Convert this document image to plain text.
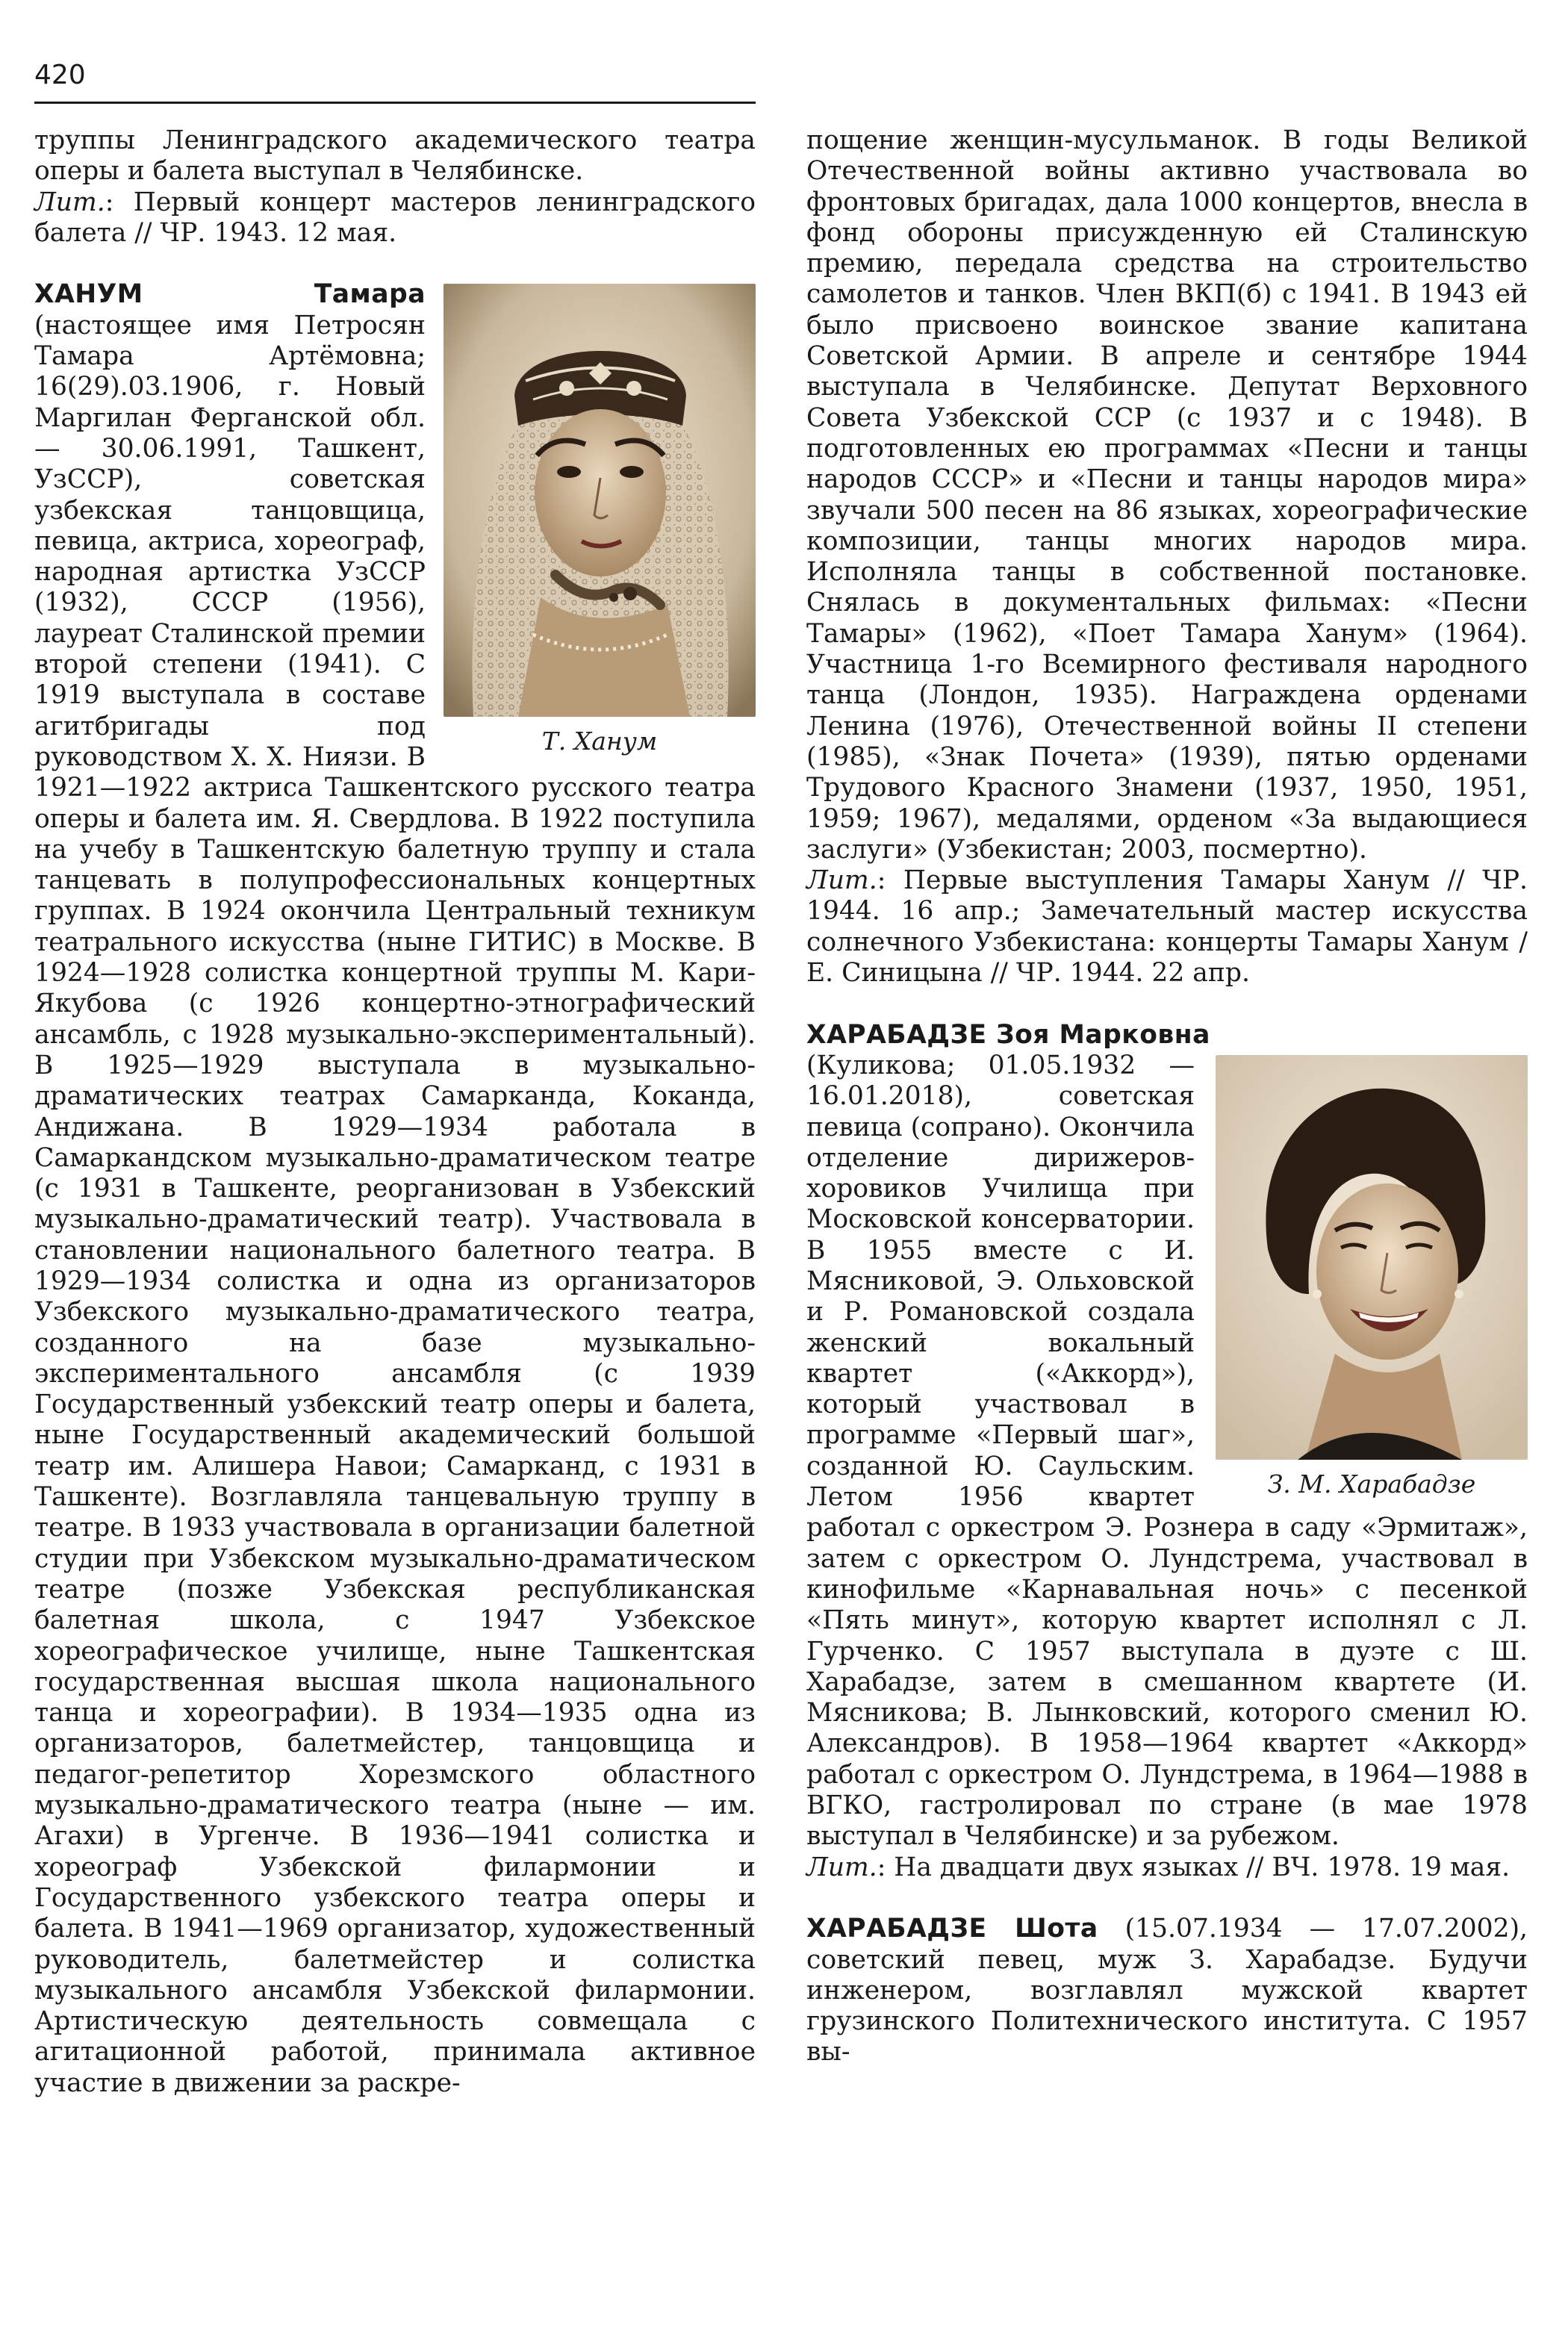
420

труппы Ленинградского академического театра оперы и балета выступал в Челябинске.

Лит.: Первый концерт мастеров ленинградского балета // ЧР. 1943. 12 мая.

Т. Ханум
ХАНУМ Тамара (настоящее имя Петросян Тамара Артёмовна; 16(29).03.1906, г. Новый Маргилан Ферганской обл. — 30.06.1991, Ташкент, УзССР), советская узбекская танцовщица, певица, актриса, хореограф, народная артистка УзССР (1932), СССР (1956), лауреат Сталинской премии второй степени (1941). С 1919 выступала в составе агитбригады под руководством Х. Х. Ниязи. В 1921—1922 актриса Ташкентского русского театра оперы и балета им. Я. Свердлова. В 1922 поступила на учебу в Ташкентскую балетную труппу и стала танцевать в полупрофессиональных концертных группах. В 1924 окончила Центральный техникум театрального искусства (ныне ГИТИС) в Москве. В 1924—1928 солистка концертной труппы М. Кари-Якубова (с 1926 концертно-этнографический ансамбль, с 1928 музыкально-экспериментальный). В 1925—1929 выступала в музыкально-драматических театрах Самарканда, Коканда, Андижана. В 1929—1934 работала в Самаркандском музыкально-драматическом театре (с 1931 в Ташкенте, реорганизован в Узбекский музыкально-драматический театр). Участвовала в становлении национального балетного театра. В 1929—1934 солистка и одна из организаторов Узбекского музыкально-драматического театра, созданного на базе музыкально-экспериментального ансамбля (с 1939 Государственный узбекский театр оперы и балета, ныне Государственный академический большой театр им. Алишера Навои; Самарканд, с 1931 в Ташкенте). Возглавляла танцевальную труппу в театре. В 1933 участвовала в организации балетной студии при Узбекском музыкально-драматическом театре (позже Узбекская республиканская балетная школа, с 1947 Узбекское хореографическое училище, ныне Ташкентская государственная высшая школа национального танца и хореографии). В 1934—1935 одна из организаторов, балетмейстер, танцовщица и педагог-репетитор Хорезмского областного музыкально-драматического театра (ныне — им. Агахи) в Ургенче. В 1936—1941 солистка и хореограф Узбекской филармонии и Государственного узбекского театра оперы и балета. В 1941—1969 организатор, художественный руководитель, балетмейстер и солистка музыкального ансамбля Узбекской филармонии. Артистическую деятельность совмещала с агитационной работой, принимала активное участие в движении за раскре-

пощение женщин-мусульманок. В годы Великой Отечественной войны активно участвовала во фронтовых бригадах, дала 1000 концертов, внесла в фонд обороны присужденную ей Сталинскую премию, передала средства на строительство самолетов и танков. Член ВКП(б) с 1941. В 1943 ей было присвоено воинское звание капитана Советской Армии. В апреле и сентябре 1944 выступала в Челябинске. Депутат Верховного Совета Узбекской ССР (с 1937 и с 1948). В подготовленных ею программах «Песни и танцы народов СССР» и «Песни и танцы народов мира» звучали 500 песен на 86 языках, хореографические композиции, танцы многих народов мира. Исполняла танцы в собственной постановке. Снялась в документальных фильмах: «Песни Тамары» (1962), «Поет Тамара Ханум» (1964). Участница 1-го Всемирного фестиваля народного танца (Лондон, 1935). Награждена орденами Ленина (1976), Отечественной войны II степени (1985), «Знак Почета» (1939), пятью орденами Трудового Красного Знамени (1937, 1950, 1951, 1959; 1967), медалями, орденом «За выдающиеся заслуги» (Узбекистан; 2003, посмертно).

Лит.: Первые выступления Тамары Ханум // ЧР. 1944. 16 апр.; Замечательный мастер искусства солнечного Узбекистана: концерты Тамары Ханум / Е. Синицына // ЧР. 1944. 22 апр.

ХАРАБАДЗЕ Зоя Марковна

З. М. Харабадзе
(Куликова; 01.05.1932 — 16.01.2018), советская певица (сопрано). Окончила отделение дирижеров-хоровиков Училища при Московской консерватории. В 1955 вместе с И. Мясниковой, Э. Ольховской и Р. Романовской создала женский вокальный квартет («Аккорд»), который участвовал в программе «Первый шаг», созданной Ю. Саульским. Летом 1956 квартет работал с оркестром Э. Рознера в саду «Эрмитаж», затем с оркестром О. Лундстрема, участвовал в кинофильме «Карнавальная ночь» с песенкой «Пять минут», которую квартет исполнял с Л. Гурченко. С 1957 выступала в дуэте с Ш. Харабадзе, затем в смешанном квартете (И. Мясникова; В. Лынковский, которого сменил Ю. Александров). В 1958—1964 квартет «Аккорд» работал с оркестром О. Лундстрема, в 1964—1988 в ВГКО, гастролировал по стране (в мае 1978 выступал в Челябинске) и за рубежом.

Лит.: На двадцати двух языках // ВЧ. 1978. 19 мая.

ХАРАБАДЗЕ Шота (15.07.1934 — 17.07.2002), советский певец, муж З. Харабадзе. Будучи инженером, возглавлял мужской квартет грузинского Политехнического института. С 1957 вы-
